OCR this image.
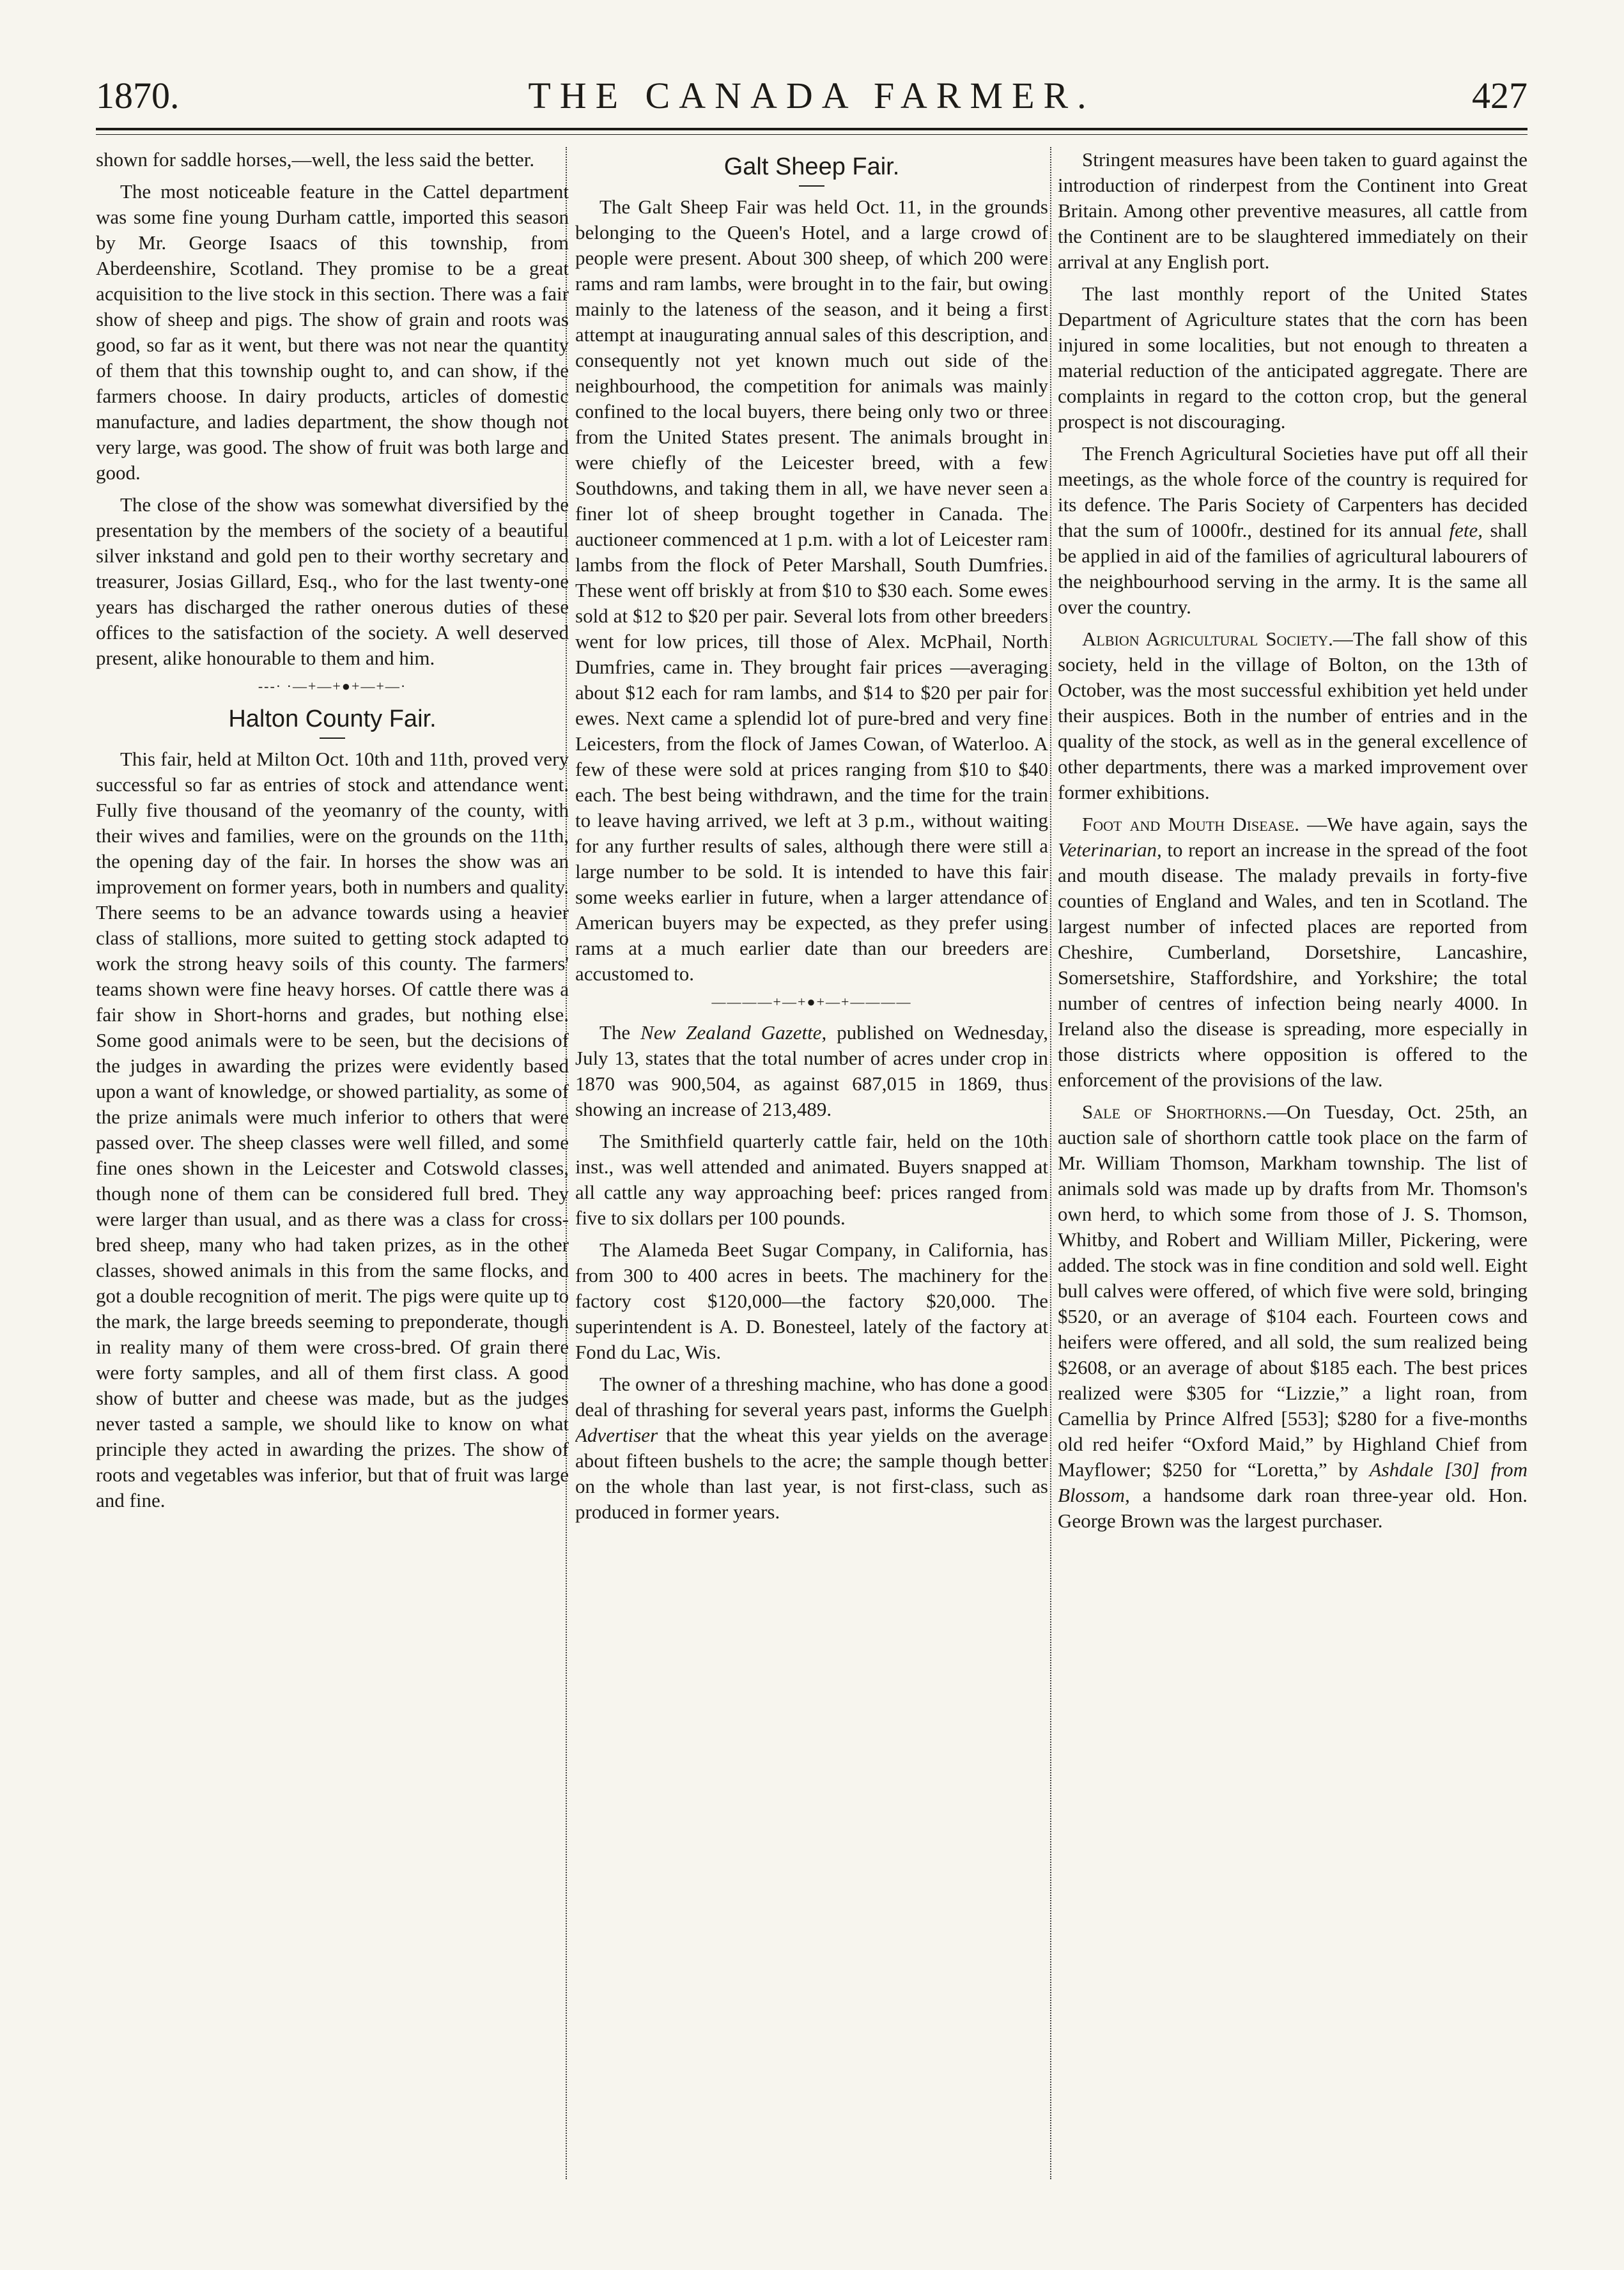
1870.	THE CANADA FARMER.	427

shown for saddle horses,—well, the less said the better.

The most noticeable feature in the Cattel department was some fine young Durham cattle, imported this season by Mr. George Isaacs of this township, from Aberdeenshire, Scotland. They promise to be a great acquisition to the live stock in this section. There was a fair show of sheep and pigs. The show of grain and roots was good, so far as it went, but there was not near the quantity of them that this township ought to, and can show, if the farmers choose. In dairy products, articles of domestic manufacture, and ladies department, the show though not very large, was good. The show of fruit was both large and good.

The close of the show was somewhat diversified by the presentation by the members of the society of a beautiful silver inkstand and gold pen to their worthy secretary and treasurer, Josias Gillard, Esq., who for the last twenty-one years has discharged the rather onerous duties of these offices to the satisfaction of the society. A well deserved present, alike honourable to them and him.

---· ·—+—+●+—+—·
Halton County Fair.

This fair, held at Milton Oct. 10th and 11th, proved very successful so far as entries of stock and attendance went. Fully five thousand of the yeomanry of the county, with their wives and families, were on the grounds on the 11th, the opening day of the fair. In horses the show was an improvement on former years, both in numbers and quality. There seems to be an advance towards using a heavier class of stallions, more suited to getting stock adapted to work the strong heavy soils of this county. The farmers' teams shown were fine heavy horses. Of cattle there was a fair show in Short-horns and grades, but nothing else. Some good animals were to be seen, but the decisions of the judges in awarding the prizes were evidently based upon a want of knowledge, or showed partiality, as some of the prize animals were much inferior to others that were passed over. The sheep classes were well filled, and some fine ones shown in the Leicester and Cotswold classes, though none of them can be considered full bred. They were larger than usual, and as there was a class for cross-bred sheep, many who had taken prizes, as in the other classes, showed animals in this from the same flocks, and got a double recognition of merit. The pigs were quite up to the mark, the large breeds seeming to preponderate, though in reality many of them were cross-bred. Of grain there were forty samples, and all of them first class. A good show of butter and cheese was made, but as the judges never tasted a sample, we should like to know on what principle they acted in awarding the prizes. The show of roots and vegetables was inferior, but that of fruit was large and fine.

Galt Sheep Fair.

The Galt Sheep Fair was held Oct. 11, in the grounds belonging to the Queen's Hotel, and a large crowd of people were present. About 300 sheep, of which 200 were rams and ram lambs, were brought in to the fair, but owing mainly to the lateness of the season, and it being a first attempt at inaugurating annual sales of this description, and consequently not yet known much out side of the neighbourhood, the competition for animals was mainly confined to the local buyers, there being only two or three from the United States present. The animals brought in were chiefly of the Leicester breed, with a few Southdowns, and taking them in all, we have never seen a finer lot of sheep brought together in Canada. The auctioneer commenced at 1 p.m. with a lot of Leicester ram lambs from the flock of Peter Marshall, South Dumfries. These went off briskly at from $10 to $30 each. Some ewes sold at $12 to $20 per pair. Several lots from other breeders went for low prices, till those of Alex. McPhail, North Dumfries, came in. They brought fair prices —averaging about $12 each for ram lambs, and $14 to $20 per pair for ewes. Next came a splendid lot of pure-bred and very fine Leicesters, from the flock of James Cowan, of Waterloo. A few of these were sold at prices ranging from $10 to $40 each. The best being withdrawn, and the time for the train to leave having arrived, we left at 3 p.m., without waiting for any further results of sales, although there were still a large number to be sold. It is intended to have this fair some weeks earlier in future, when a larger attendance of American buyers may be expected, as they prefer using rams at a much earlier date than our breeders are accustomed to.

————+—+●+—+————

The New Zealand Gazette, published on Wednesday, July 13, states that the total number of acres under crop in 1870 was 900,504, as against 687,015 in 1869, thus showing an increase of 213,489.

The Smithfield quarterly cattle fair, held on the 10th inst., was well attended and animated. Buyers snapped at all cattle any way approaching beef: prices ranged from five to six dollars per 100 pounds.

The Alameda Beet Sugar Company, in California, has from 300 to 400 acres in beets. The machinery for the factory cost $120,000—the factory $20,000. The superintendent is A. D. Bonesteel, lately of the factory at Fond du Lac, Wis.

The owner of a threshing machine, who has done a good deal of thrashing for several years past, informs the Guelph Advertiser that the wheat this year yields on the average about fifteen bushels to the acre; the sample though better on the whole than last year, is not first-class, such as produced in former years.

Stringent measures have been taken to guard against the introduction of rinderpest from the Continent into Great Britain. Among other preventive measures, all cattle from the Continent are to be slaughtered immediately on their arrival at any English port.

The last monthly report of the United States Department of Agriculture states that the corn has been injured in some localities, but not enough to threaten a material reduction of the anticipated aggregate. There are complaints in regard to the cotton crop, but the general prospect is not discouraging.

The French Agricultural Societies have put off all their meetings, as the whole force of the country is required for its defence. The Paris Society of Carpenters has decided that the sum of 1000fr., destined for its annual fete, shall be applied in aid of the families of agricultural labourers of the neighbourhood serving in the army. It is the same all over the country.

Albion Agricultural Society.—The fall show of this society, held in the village of Bolton, on the 13th of October, was the most successful exhibition yet held under their auspices. Both in the number of entries and in the quality of the stock, as well as in the general excellence of other departments, there was a marked improvement over former exhibitions.

Foot and Mouth Disease. —We have again, says the Veterinarian, to report an increase in the spread of the foot and mouth disease. The malady prevails in forty-five counties of England and Wales, and ten in Scotland. The largest number of infected places are reported from Cheshire, Cumberland, Dorsetshire, Lancashire, Somersetshire, Staffordshire, and Yorkshire; the total number of centres of infection being nearly 4000. In Ireland also the disease is spreading, more especially in those districts where opposition is offered to the enforcement of the provisions of the law.

Sale of Shorthorns.—On Tuesday, Oct. 25th, an auction sale of shorthorn cattle took place on the farm of Mr. William Thomson, Markham township. The list of animals sold was made up by drafts from Mr. Thomson's own herd, to which some from those of J. S. Thomson, Whitby, and Robert and William Miller, Pickering, were added. The stock was in fine condition and sold well. Eight bull calves were offered, of which five were sold, bringing $520, or an average of $104 each. Fourteen cows and heifers were offered, and all sold, the sum realized being $2608, or an average of about $185 each. The best prices realized were $305 for “Lizzie,” a light roan, from Camellia by Prince Alfred [553]; $280 for a five-months old red heifer “Oxford Maid,” by Highland Chief from Mayflower; $250 for “Loretta,” by Ashdale [30] from Blossom, a handsome dark roan three-year old. Hon. George Brown was the largest purchaser.
